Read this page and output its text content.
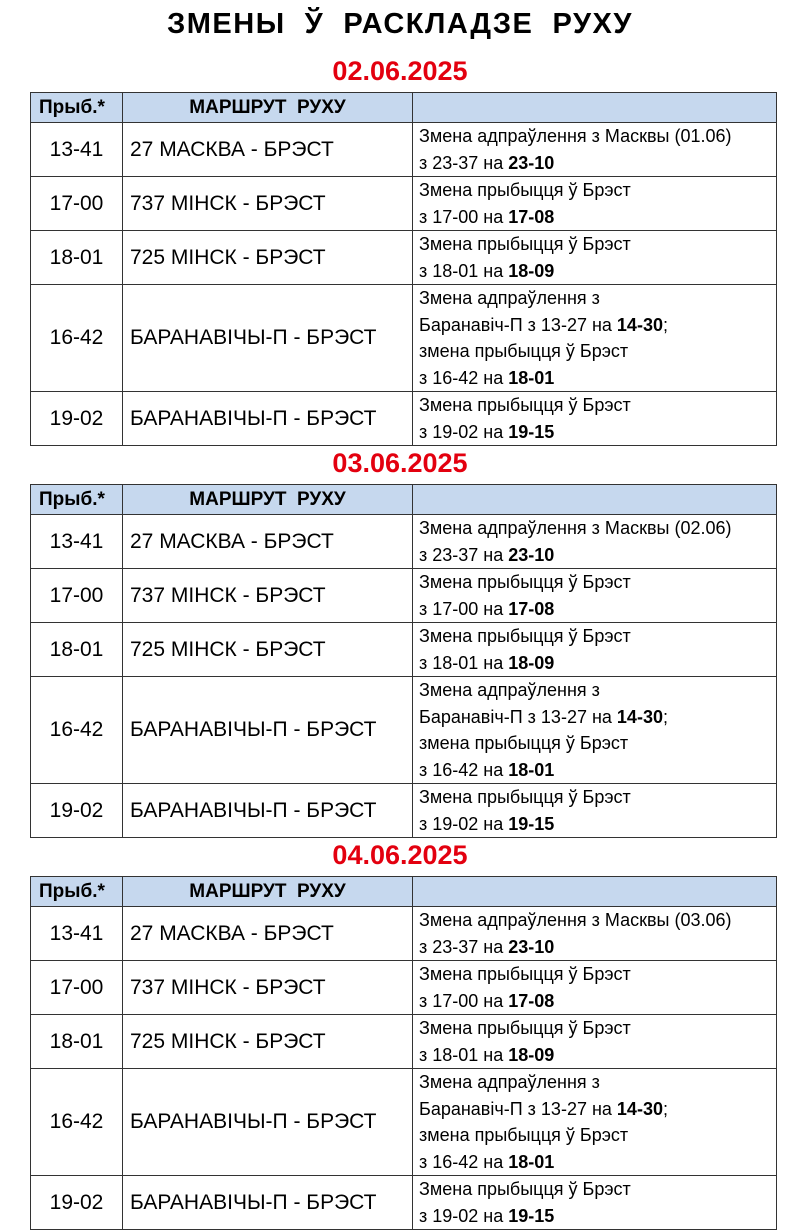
ЗМЕНЫ  Ў  РАСКЛАДЗЕ  РУХУ
02.06.2025
Прыб.*	МАРШРУТ  РУХУ	
13-41	27 МАСКВА - БРЭСТ	Змена адпраўлення з Масквы (01.06)
з 23-37 на 23-10

17-00	737 МІНСК - БРЭСТ	Змена прыбыцця ў Брэст
з 17-00 на 17-08

18-01	725 МІНСК - БРЭСТ	Змена прыбыцця ў Брэст
з 18-01 на 18-09

16-42	БАРАНАВІЧЫ-П - БРЭСТ	Змена адпраўлення з
Баранавіч-П з 13-27 на 14-30;
змена прыбыцця ў Брэст
з 16-42 на 18-01

19-02	БАРАНАВІЧЫ-П - БРЭСТ	Змена прыбыцця ў Брэст
з 19-02 на 19-15
03.06.2025
Прыб.*	МАРШРУТ  РУХУ	
13-41	27 МАСКВА - БРЭСТ	Змена адпраўлення з Масквы (02.06)
з 23-37 на 23-10

17-00	737 МІНСК - БРЭСТ	Змена прыбыцця ў Брэст
з 17-00 на 17-08

18-01	725 МІНСК - БРЭСТ	Змена прыбыцця ў Брэст
з 18-01 на 18-09

16-42	БАРАНАВІЧЫ-П - БРЭСТ	Змена адпраўлення з
Баранавіч-П з 13-27 на 14-30;
змена прыбыцця ў Брэст
з 16-42 на 18-01

19-02	БАРАНАВІЧЫ-П - БРЭСТ	Змена прыбыцця ў Брэст
з 19-02 на 19-15
04.06.2025
Прыб.*	МАРШРУТ  РУХУ	
13-41	27 МАСКВА - БРЭСТ	Змена адпраўлення з Масквы (03.06)
з 23-37 на 23-10

17-00	737 МІНСК - БРЭСТ	Змена прыбыцця ў Брэст
з 17-00 на 17-08

18-01	725 МІНСК - БРЭСТ	Змена прыбыцця ў Брэст
з 18-01 на 18-09

16-42	БАРАНАВІЧЫ-П - БРЭСТ	Змена адпраўлення з
Баранавіч-П з 13-27 на 14-30;
змена прыбыцця ў Брэст
з 16-42 на 18-01

19-02	БАРАНАВІЧЫ-П - БРЭСТ	Змена прыбыцця ў Брэст
з 19-02 на 19-15
